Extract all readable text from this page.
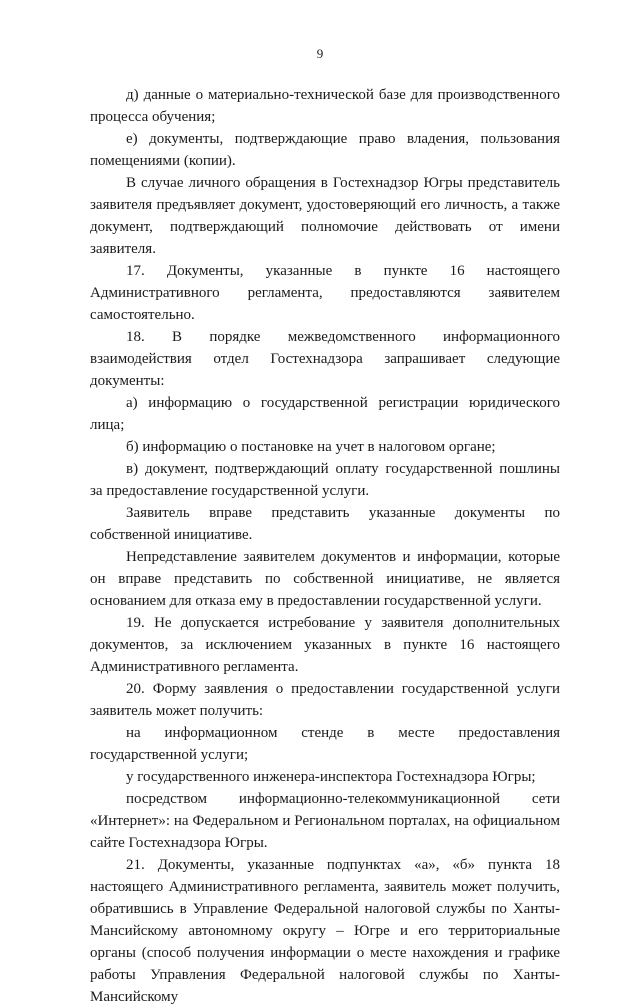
9

д) данные о материально-технической базе для производственного процесса обучения;

е) документы, подтверждающие право владения, пользования помещениями (копии).

В случае личного обращения в Гостехнадзор Югры представитель заявителя предъявляет документ, удостоверяющий его личность, а также документ, подтверждающий полномочие действовать от имени заявителя.

17. Документы, указанные в пункте 16 настоящего Административного регламента, предоставляются заявителем самостоятельно.

18. В порядке межведомственного информационного взаимодействия отдел Гостехнадзора запрашивает следующие документы:

а) информацию о государственной регистрации юридического лица;

б) информацию о постановке на учет в налоговом органе;

в) документ, подтверждающий оплату государственной пошлины за предоставление государственной услуги.

Заявитель вправе представить указанные документы по собственной инициативе.

Непредставление заявителем документов и информации, которые он вправе представить по собственной инициативе, не является основанием для отказа ему в предоставлении государственной услуги.

19. Не допускается истребование у заявителя дополнительных документов, за исключением указанных в пункте 16 настоящего Административного регламента.

20. Форму заявления о предоставлении государственной услуги заявитель может получить:

на информационном стенде в месте предоставления государственной услуги;

у государственного инженера-инспектора Гостехнадзора Югры;

посредством информационно-телекоммуникационной сети «Интернет»: на Федеральном и Региональном порталах, на официальном сайте Гостехнадзора Югры.

21. Документы, указанные подпунктах «а», «б» пункта 18 настоящего Административного регламента, заявитель может получить, обратившись в Управление Федеральной налоговой службы по Ханты-Мансийскому автономному округу – Югре и его территориальные органы (способ получения информации о месте нахождения и графике работы Управления Федеральной налоговой службы по Ханты-Мансийскому
